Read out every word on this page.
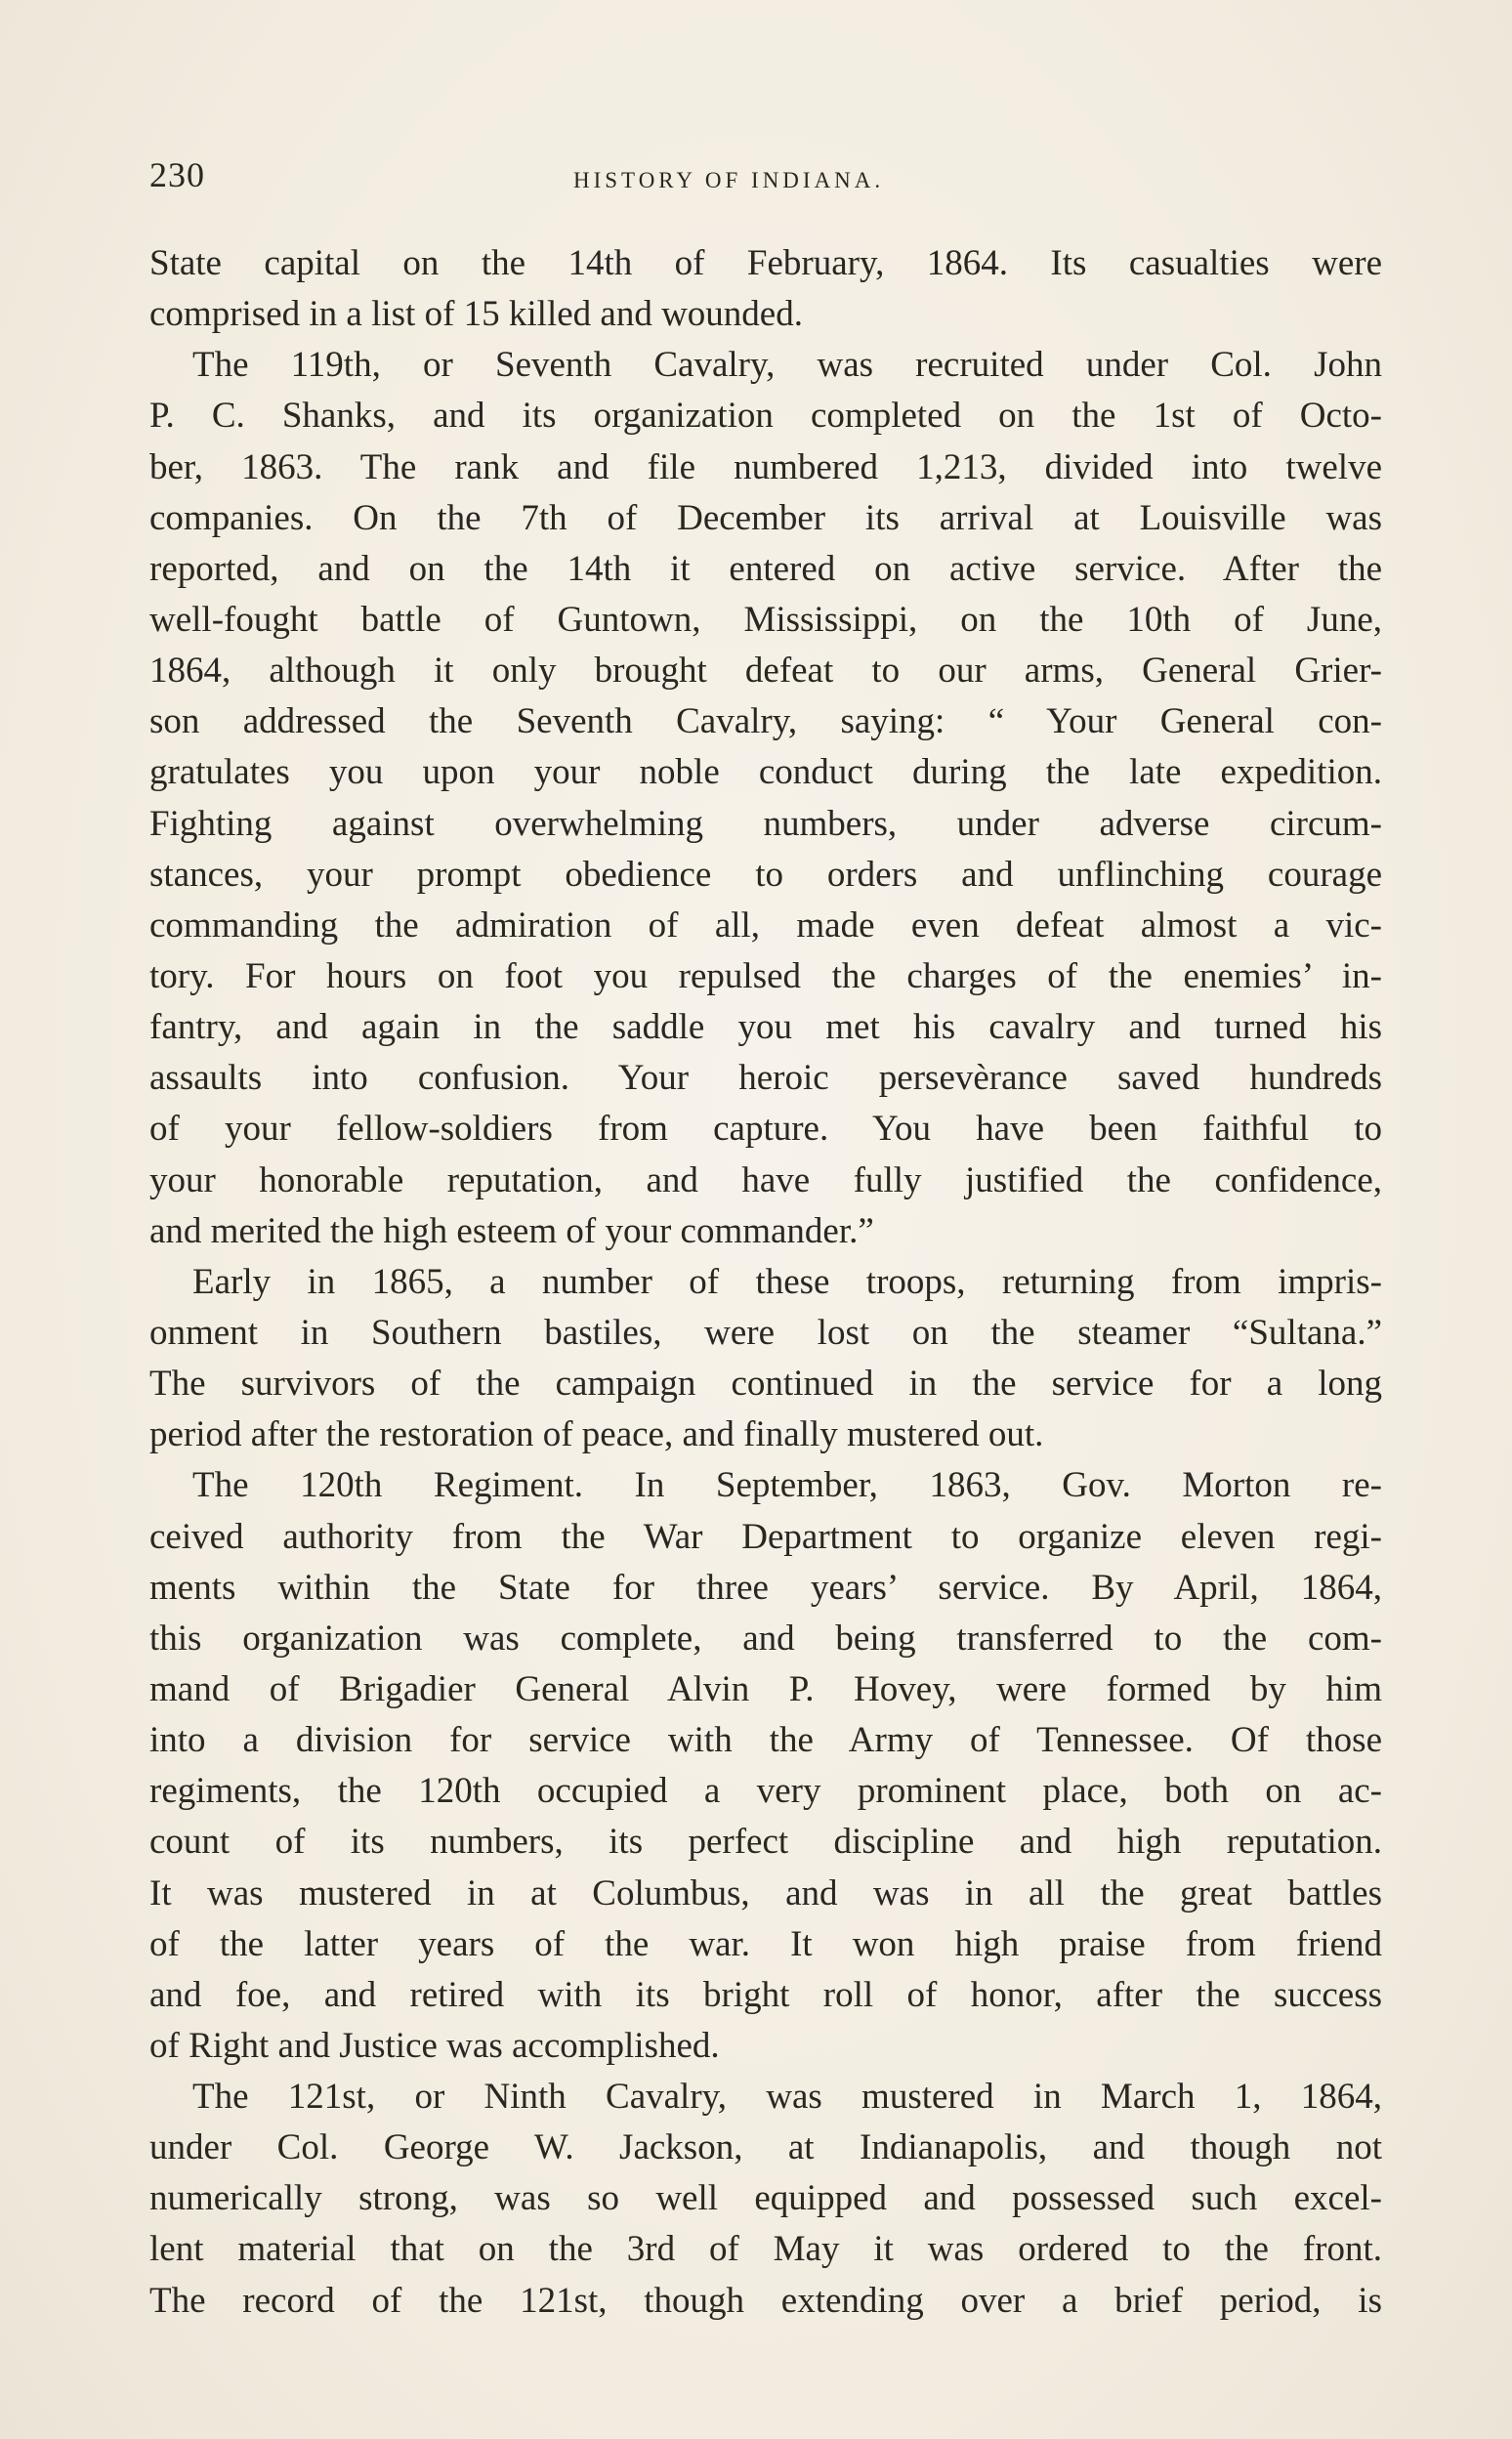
230	HISTORY OF INDIANA.
State capital on the 14th of February, 1864. Its casualties were
comprised in a list of 15 killed and wounded.
The 119th, or Seventh Cavalry, was recruited under Col. John
P. C. Shanks, and its organization completed on the 1st of Octo-
ber, 1863. The rank and file numbered 1,213, divided into twelve
companies. On the 7th of December its arrival at Louisville was
reported, and on the 14th it entered on active service. After the
well-fought battle of Guntown, Mississippi, on the 10th of June,
1864, although it only brought defeat to our arms, General Grier-
son addressed the Seventh Cavalry, saying: “ Your General con-
gratulates you upon your noble conduct during the late expedition.
Fighting against overwhelming numbers, under adverse circum-
stances, your prompt obedience to orders and unflinching courage
commanding the admiration of all, made even defeat almost a vic-
tory. For hours on foot you repulsed the charges of the enemies’ in-
fantry, and again in the saddle you met his cavalry and turned his
assaults into confusion. Your heroic persevèrance saved hundreds
of your fellow-soldiers from capture. You have been faithful to
your honorable reputation, and have fully justified the confidence,
and merited the high esteem of your commander.”
Early in 1865, a number of these troops, returning from impris-
onment in Southern bastiles, were lost on the steamer “Sultana.”
The survivors of the campaign continued in the service for a long
period after the restoration of peace, and finally mustered out.
The 120th Regiment. In September, 1863, Gov. Morton re-
ceived authority from the War Department to organize eleven regi-
ments within the State for three years’ service. By April, 1864,
this organization was complete, and being transferred to the com-
mand of Brigadier General Alvin P. Hovey, were formed by him
into a division for service with the Army of Tennessee. Of those
regiments, the 120th occupied a very prominent place, both on ac-
count of its numbers, its perfect discipline and high reputation.
It was mustered in at Columbus, and was in all the great battles
of the latter years of the war. It won high praise from friend
and foe, and retired with its bright roll of honor, after the success
of Right and Justice was accomplished.
The 121st, or Ninth Cavalry, was mustered in March 1, 1864,
under Col. George W. Jackson, at Indianapolis, and though not
numerically strong, was so well equipped and possessed such excel-
lent material that on the 3rd of May it was ordered to the front.
The record of the 121st, though extending over a brief period, is
